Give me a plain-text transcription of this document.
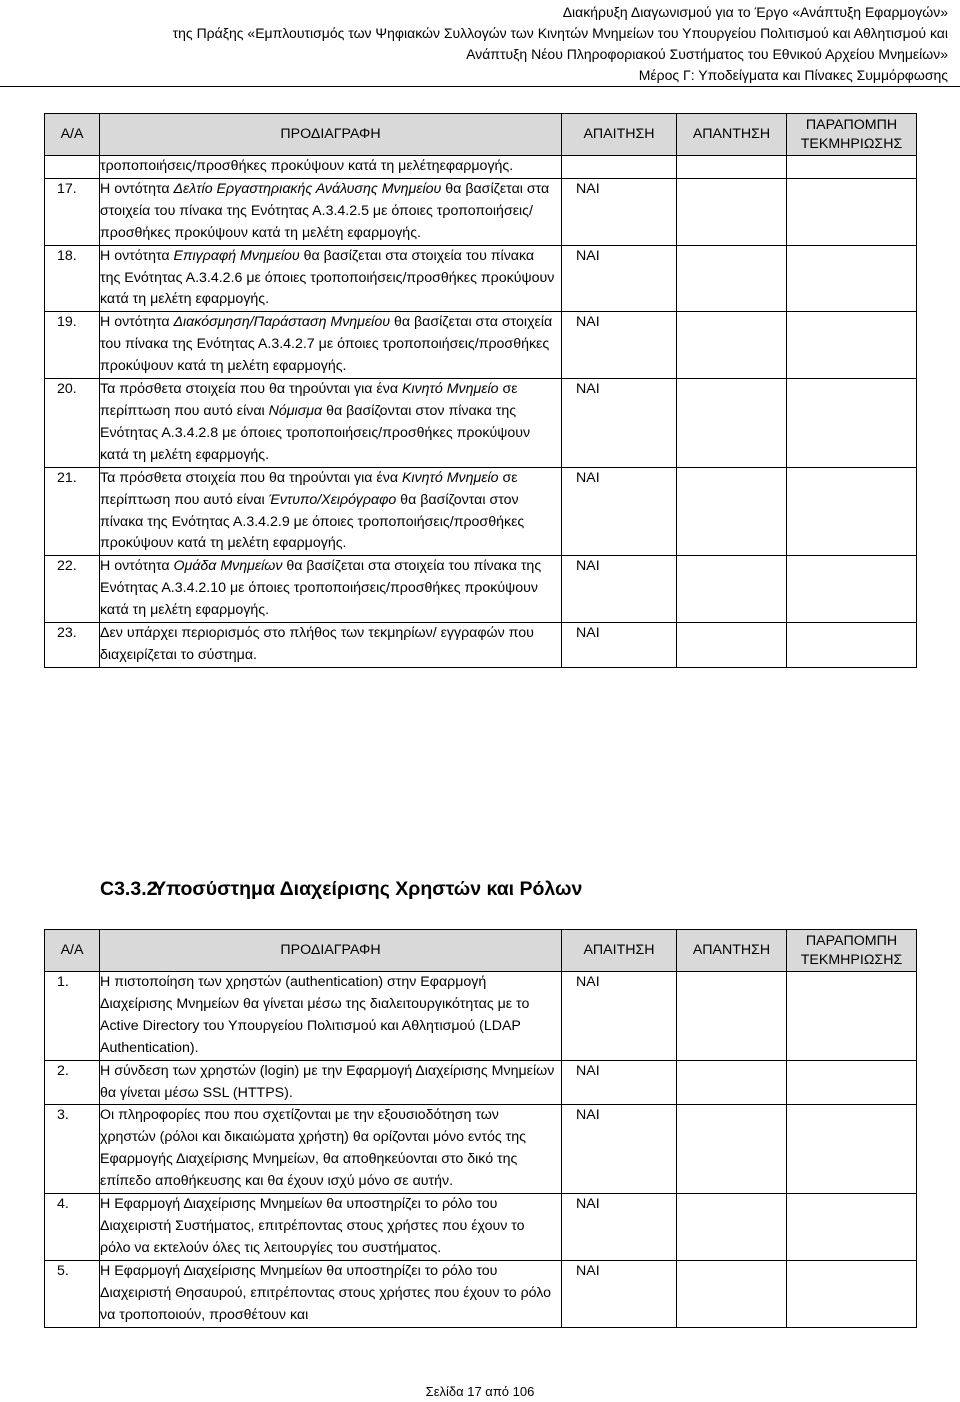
Διακήρυξη Διαγωνισμού για το Έργο «Ανάπτυξη Εφαρμογών»
της Πράξης «Εμπλουτισμός των Ψηφιακών Συλλογών των Κινητών Μνημείων του Υπουργείου Πολιτισμού και Αθλητισμού και
Ανάπτυξη Νέου Πληροφοριακού Συστήματος του Εθνικού Αρχείου Μνημείων»
Μέρος Γ: Υποδείγματα και Πίνακες Συμμόρφωσης
Α/Α	ΠΡΟΔΙΑΓΡΑΦΗ	ΑΠΑΙΤΗΣΗ	ΑΠΑΝΤΗΣΗ	ΠΑΡΑΠΟΜΠΗ
ΤΕΚΜΗΡΙΩΣΗΣ

	τροποποιήσεις/προσθήκες προκύψουν κατά τη μελέτηεφαρμογής.			
17.	Η οντότητα Δελτίο Εργαστηριακής Ανάλυσης Μνημείου θα βασίζεται στα στοιχεία του πίνακα της Ενότητας Α.3.4.2.5 με όποιες τροποποιήσεις/προσθήκες προκύψουν κατά τη μελέτη εφαρμογής.	ΝΑΙ		
18.	Η οντότητα Επιγραφή Μνημείου θα βασίζεται στα στοιχεία του πίνακα της Ενότητας Α.3.4.2.6 με όποιες τροποποιήσεις/προσθήκες προκύψουν κατά τη μελέτη εφαρμογής.	ΝΑΙ		
19.	Η οντότητα Διακόσμηση/Παράσταση Μνημείου θα βασίζεται στα στοιχεία του πίνακα της Ενότητας Α.3.4.2.7 με όποιες τροποποιήσεις/προσθήκες προκύψουν κατά τη μελέτη εφαρμογής.	ΝΑΙ		
20.	Τα πρόσθετα στοιχεία που θα τηρούνται για ένα Κινητό Μνημείο σε περίπτωση που αυτό είναι Νόμισμα θα βασίζονται στον πίνακα της Ενότητας Α.3.4.2.8 με όποιες τροποποιήσεις/προσθήκες προκύψουν κατά τη μελέτη εφαρμογής.	ΝΑΙ		
21.	Τα πρόσθετα στοιχεία που θα τηρούνται για ένα Κινητό Μνημείο σε περίπτωση που αυτό είναι Έντυπο/Χειρόγραφο θα βασίζονται στον πίνακα της Ενότητας Α.3.4.2.9 με όποιες τροποποιήσεις/προσθήκες προκύψουν κατά τη μελέτη εφαρμογής.	ΝΑΙ		
22.	Η οντότητα Ομάδα Μνημείων θα βασίζεται στα στοιχεία του πίνακα της Ενότητας Α.3.4.2.10 με όποιες τροποποιήσεις/προσθήκες προκύψουν κατά τη μελέτη εφαρμογής.	ΝΑΙ		
23.	Δεν υπάρχει περιορισμός στο πλήθος των τεκμηρίων/ εγγραφών που διαχειρίζεται το σύστημα.	ΝΑΙ		
C3.3.2 Υποσύστημα Διαχείρισης Χρηστών και Ρόλων
Α/Α	ΠΡΟΔΙΑΓΡΑΦΗ	ΑΠΑΙΤΗΣΗ	ΑΠΑΝΤΗΣΗ	ΠΑΡΑΠΟΜΠΗ
ΤΕΚΜΗΡΙΩΣΗΣ

1.	Η πιστοποίηση των χρηστών (authentication) στην Εφαρμογή Διαχείρισης Μνημείων θα γίνεται μέσω της διαλειτουργικότητας με το Active Directory του Υπουργείου Πολιτισμού και Αθλητισμού (LDAP Authentication).	ΝΑΙ		
2.	Η σύνδεση των χρηστών (login) με την Εφαρμογή Διαχείρισης Μνημείων θα γίνεται μέσω SSL (HTTPS).	ΝΑΙ		
3.	Οι πληροφορίες που που σχετίζονται με την εξουσιοδότηση των χρηστών (ρόλοι και δικαιώματα χρήστη) θα ορίζονται μόνο εντός της Εφαρμογής Διαχείρισης Μνημείων, θα αποθηκεύονται στο δικό της επίπεδο αποθήκευσης και θα έχουν ισχύ μόνο σε αυτήν.	ΝΑΙ		
4.	Η Εφαρμογή Διαχείρισης Μνημείων θα υποστηρίζει το ρόλο του Διαχειριστή Συστήματος, επιτρέποντας στους χρήστες που έχουν το ρόλο να εκτελούν όλες τις λειτουργίες του συστήματος.	ΝΑΙ		
5.	Η Εφαρμογή Διαχείρισης Μνημείων θα υποστηρίζει το ρόλο του Διαχειριστή Θησαυρού, επιτρέποντας στους χρήστες που έχουν το ρόλο να τροποποιούν, προσθέτουν και	ΝΑΙ		
Σελίδα 17 από 106
